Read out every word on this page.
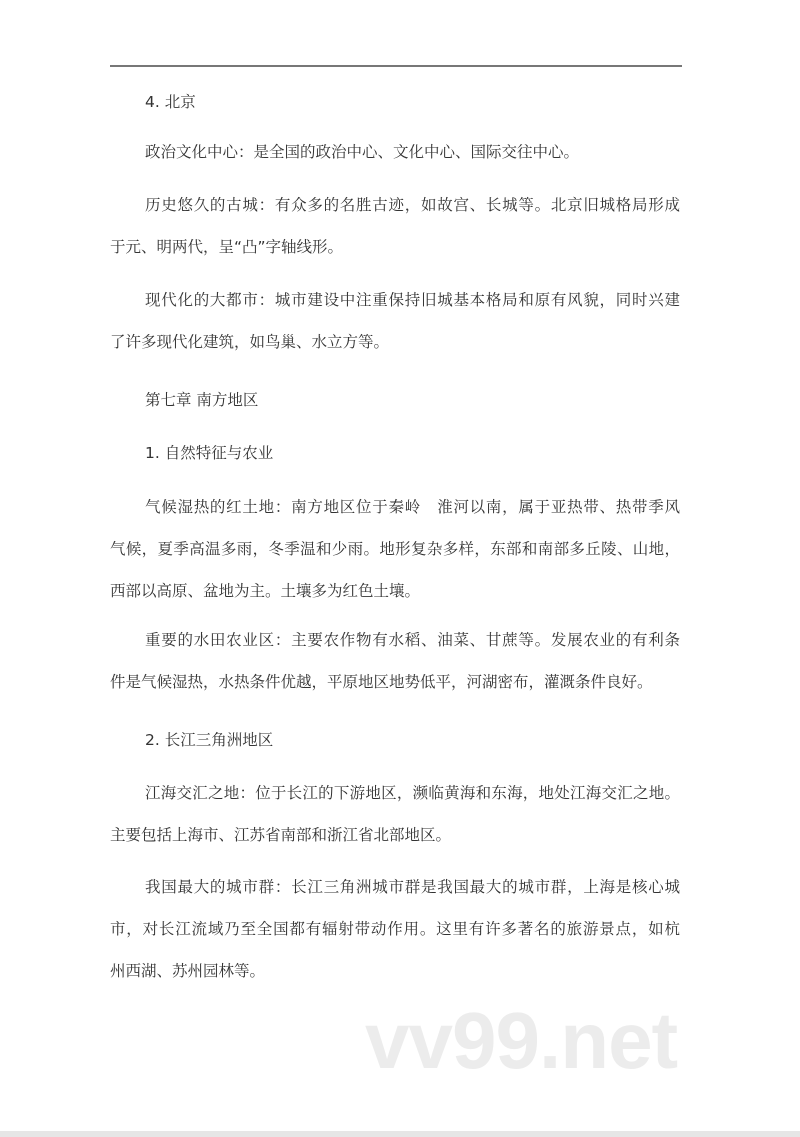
4. 北京
政治文化中心：是全国的政治中心、文化中心、国际交往中心。
历史悠久的古城：有众多的名胜古迹，如故宫、长城等。北京旧城格局形成
于元、明两代，呈“凸”字轴线形。
现代化的大都市：城市建设中注重保持旧城基本格局和原有风貌，同时兴建
了许多现代化建筑，如鸟巢、水立方等。
第七章 南方地区
1. 自然特征与农业
气候湿热的红土地：南方地区位于秦岭　淮河以南，属于亚热带、热带季风
气候，夏季高温多雨，冬季温和少雨。地形复杂多样，东部和南部多丘陵、山地，
西部以高原、盆地为主。土壤多为红色土壤。
重要的水田农业区：主要农作物有水稻、油菜、甘蔗等。发展农业的有利条
件是气候湿热，水热条件优越，平原地区地势低平，河湖密布，灌溉条件良好。
2. 长江三角洲地区
江海交汇之地：位于长江的下游地区，濒临黄海和东海，地处江海交汇之地。
主要包括上海市、江苏省南部和浙江省北部地区。
我国最大的城市群：长江三角洲城市群是我国最大的城市群，上海是核心城
市，对长江流域乃至全国都有辐射带动作用。这里有许多著名的旅游景点，如杭
州西湖、苏州园林等。
vv99.net
